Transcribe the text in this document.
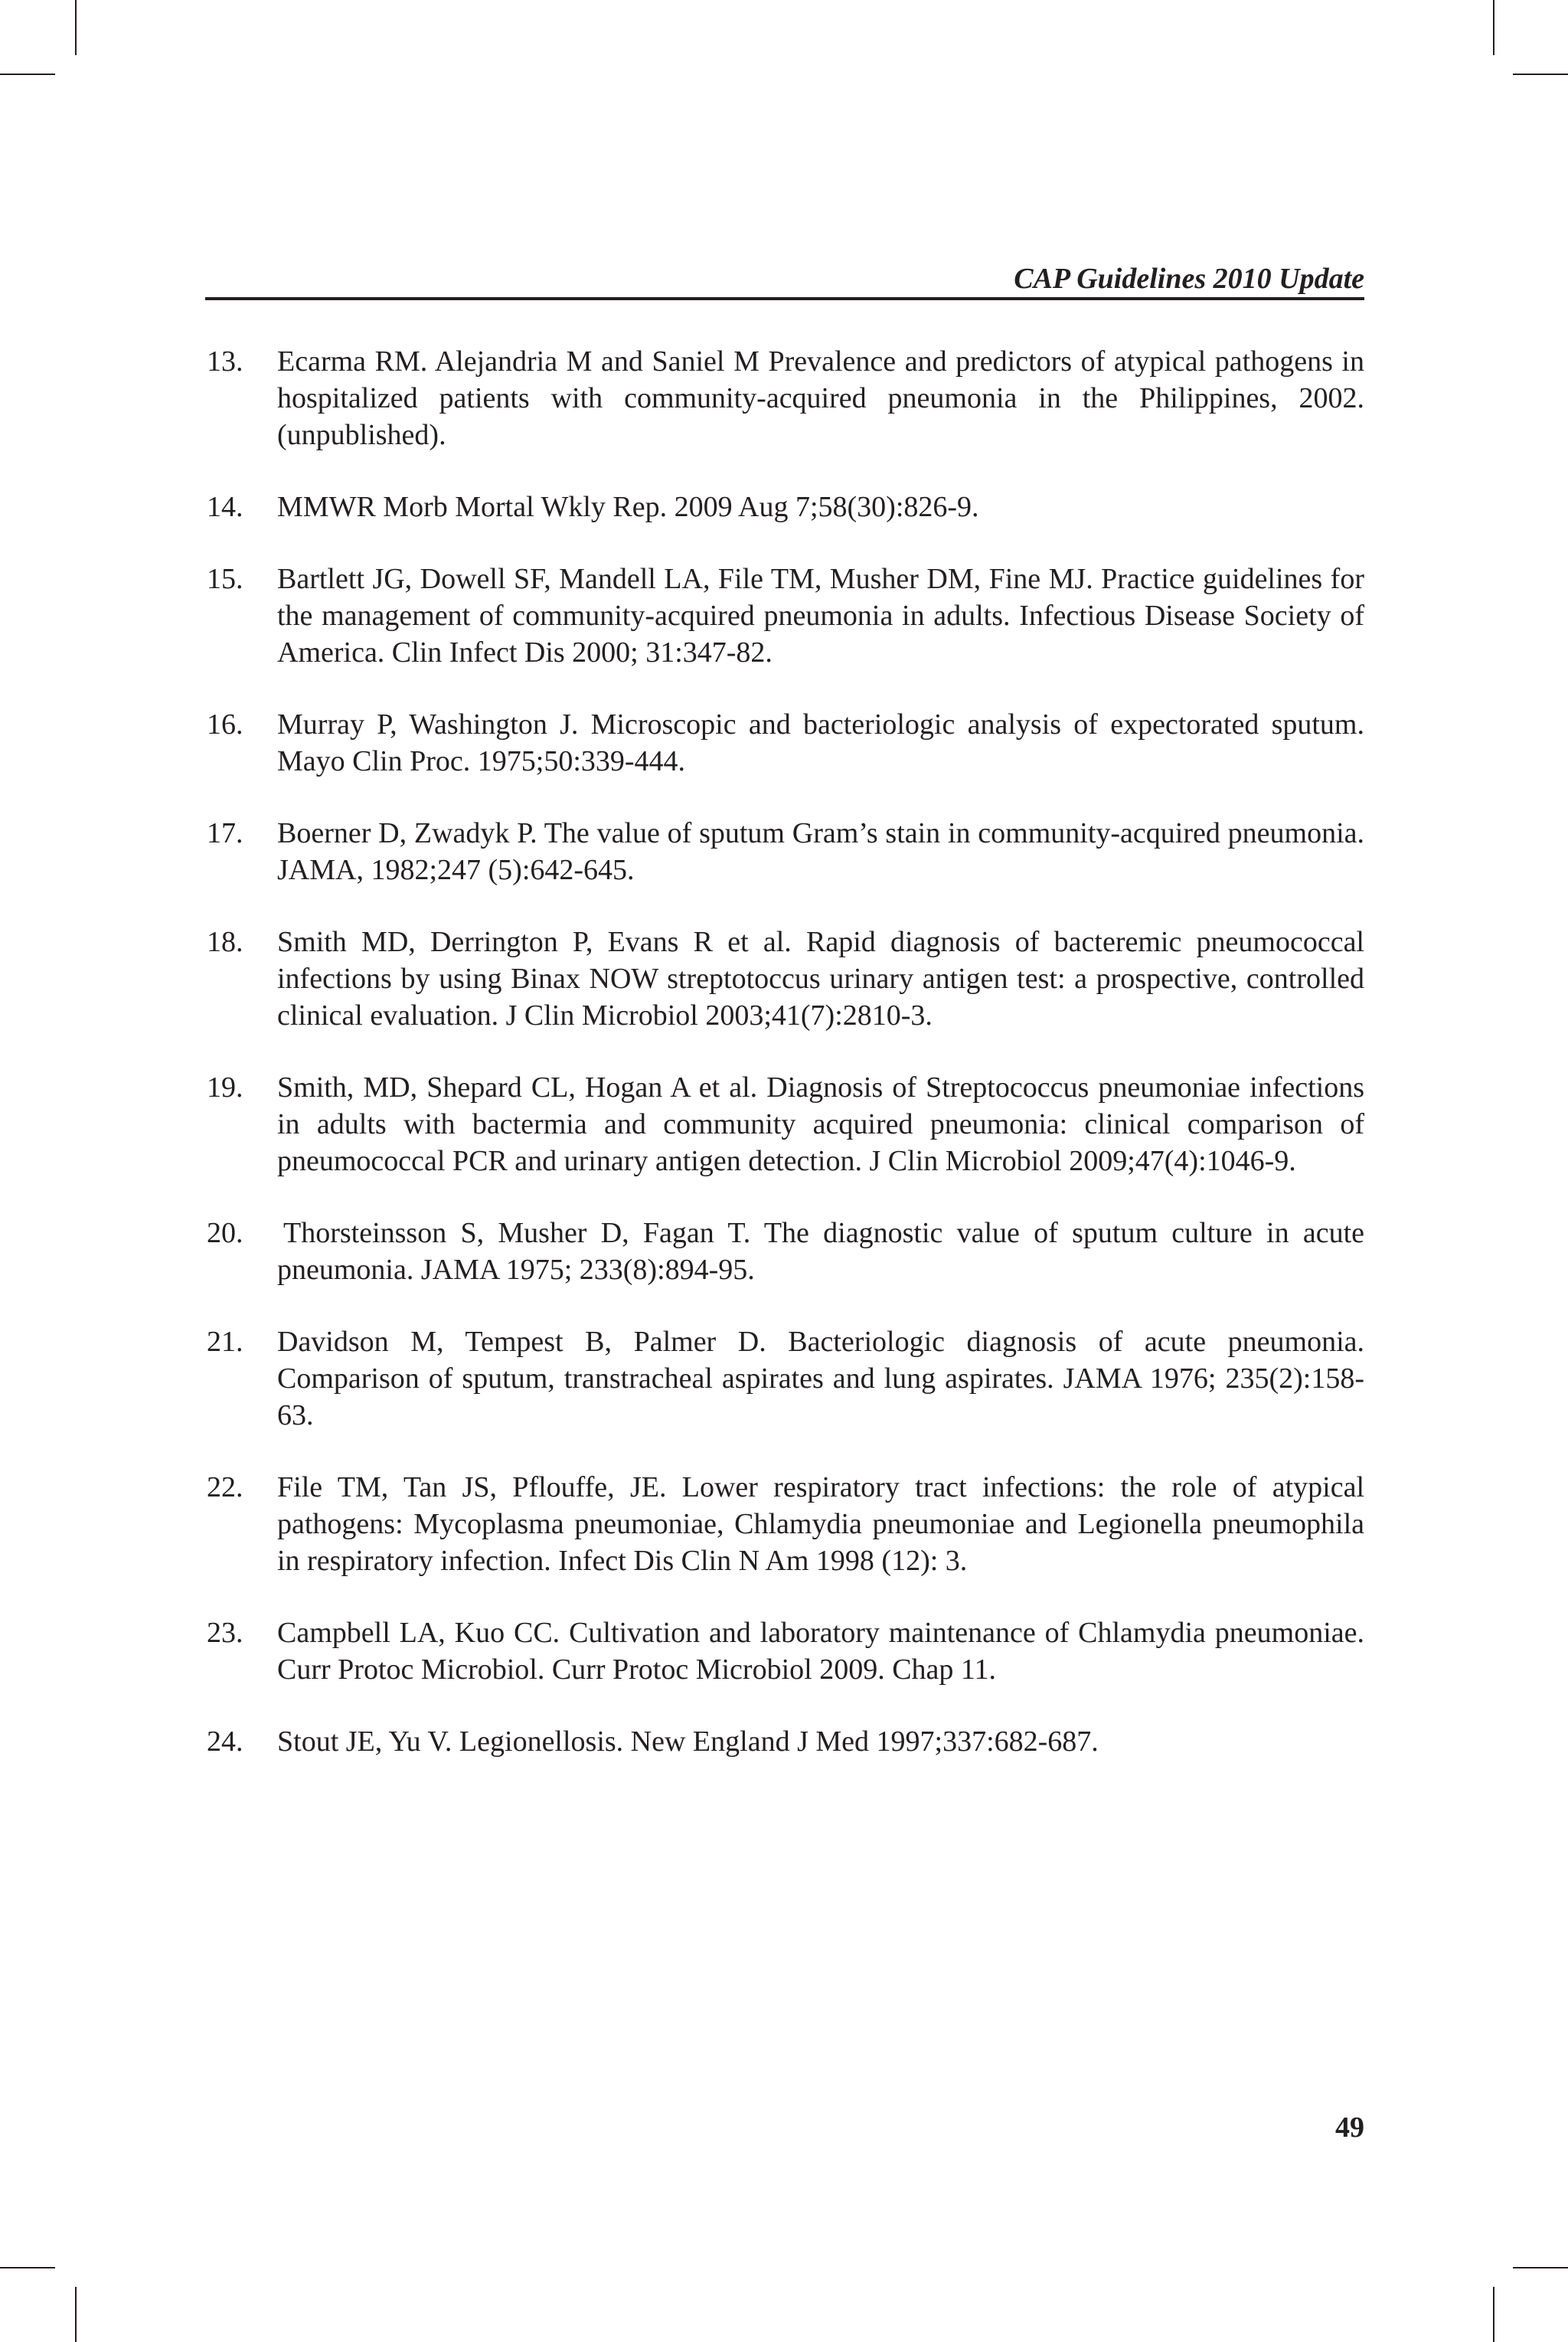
CAP Guidelines 2010 Update
13.	Ecarma RM. Alejandria M and Saniel M Prevalence and predictors of atypical pathogens in hospitalized patients with community-acquired pneumonia in the Philippines, 2002. (unpublished).
14.	MMWR Morb Mortal Wkly Rep. 2009 Aug 7;58(30):826-9.
15.	Bartlett JG, Dowell SF, Mandell LA, File TM, Musher DM, Fine MJ. Practice guidelines for the management of community-acquired pneumonia in adults. Infectious Disease Society of America. Clin Infect Dis 2000; 31:347-82.
16.	Murray P, Washington J. Microscopic and bacteriologic analysis of expectorated sputum. Mayo Clin Proc. 1975;50:339-444.
17.	Boerner D, Zwadyk P. The value of sputum Gram’s stain in community-acquired pneumonia. JAMA, 1982;247 (5):642-645.
18.	Smith MD, Derrington P, Evans R et al. Rapid diagnosis of bacteremic pneumococcal infections by using Binax NOW streptotoccus urinary antigen test: a prospective, controlled clinical evaluation. J Clin Microbiol 2003;41(7):2810-3.
19.	Smith, MD, Shepard CL, Hogan A et al. Diagnosis of Streptococcus pneumoniae infections in adults with bactermia and community acquired pneumonia: clinical comparison of pneumococcal PCR and urinary antigen detection. J Clin Microbiol 2009;47(4):1046-9.
20.	Thorsteinsson S, Musher D, Fagan T. The diagnostic value of sputum culture in acute pneumonia. JAMA 1975; 233(8):894-95.
21.	Davidson M, Tempest B, Palmer D. Bacteriologic diagnosis of acute pneumonia. Comparison of sputum, transtracheal aspirates and lung aspirates. JAMA 1976; 235(2):158-63.
22.	File TM, Tan JS, Pflouffe, JE. Lower respiratory tract infections: the role of atypical pathogens: Mycoplasma pneumoniae, Chlamydia pneumoniae and Legionella pneumophila in respiratory infection. Infect Dis Clin N Am 1998 (12): 3.
23.	Campbell LA, Kuo CC. Cultivation and laboratory maintenance of Chlamydia pneumoniae. Curr Protoc Microbiol. Curr Protoc Microbiol 2009. Chap 11.
24.	Stout JE, Yu V. Legionellosis. New England J Med 1997;337:682-687.
49
